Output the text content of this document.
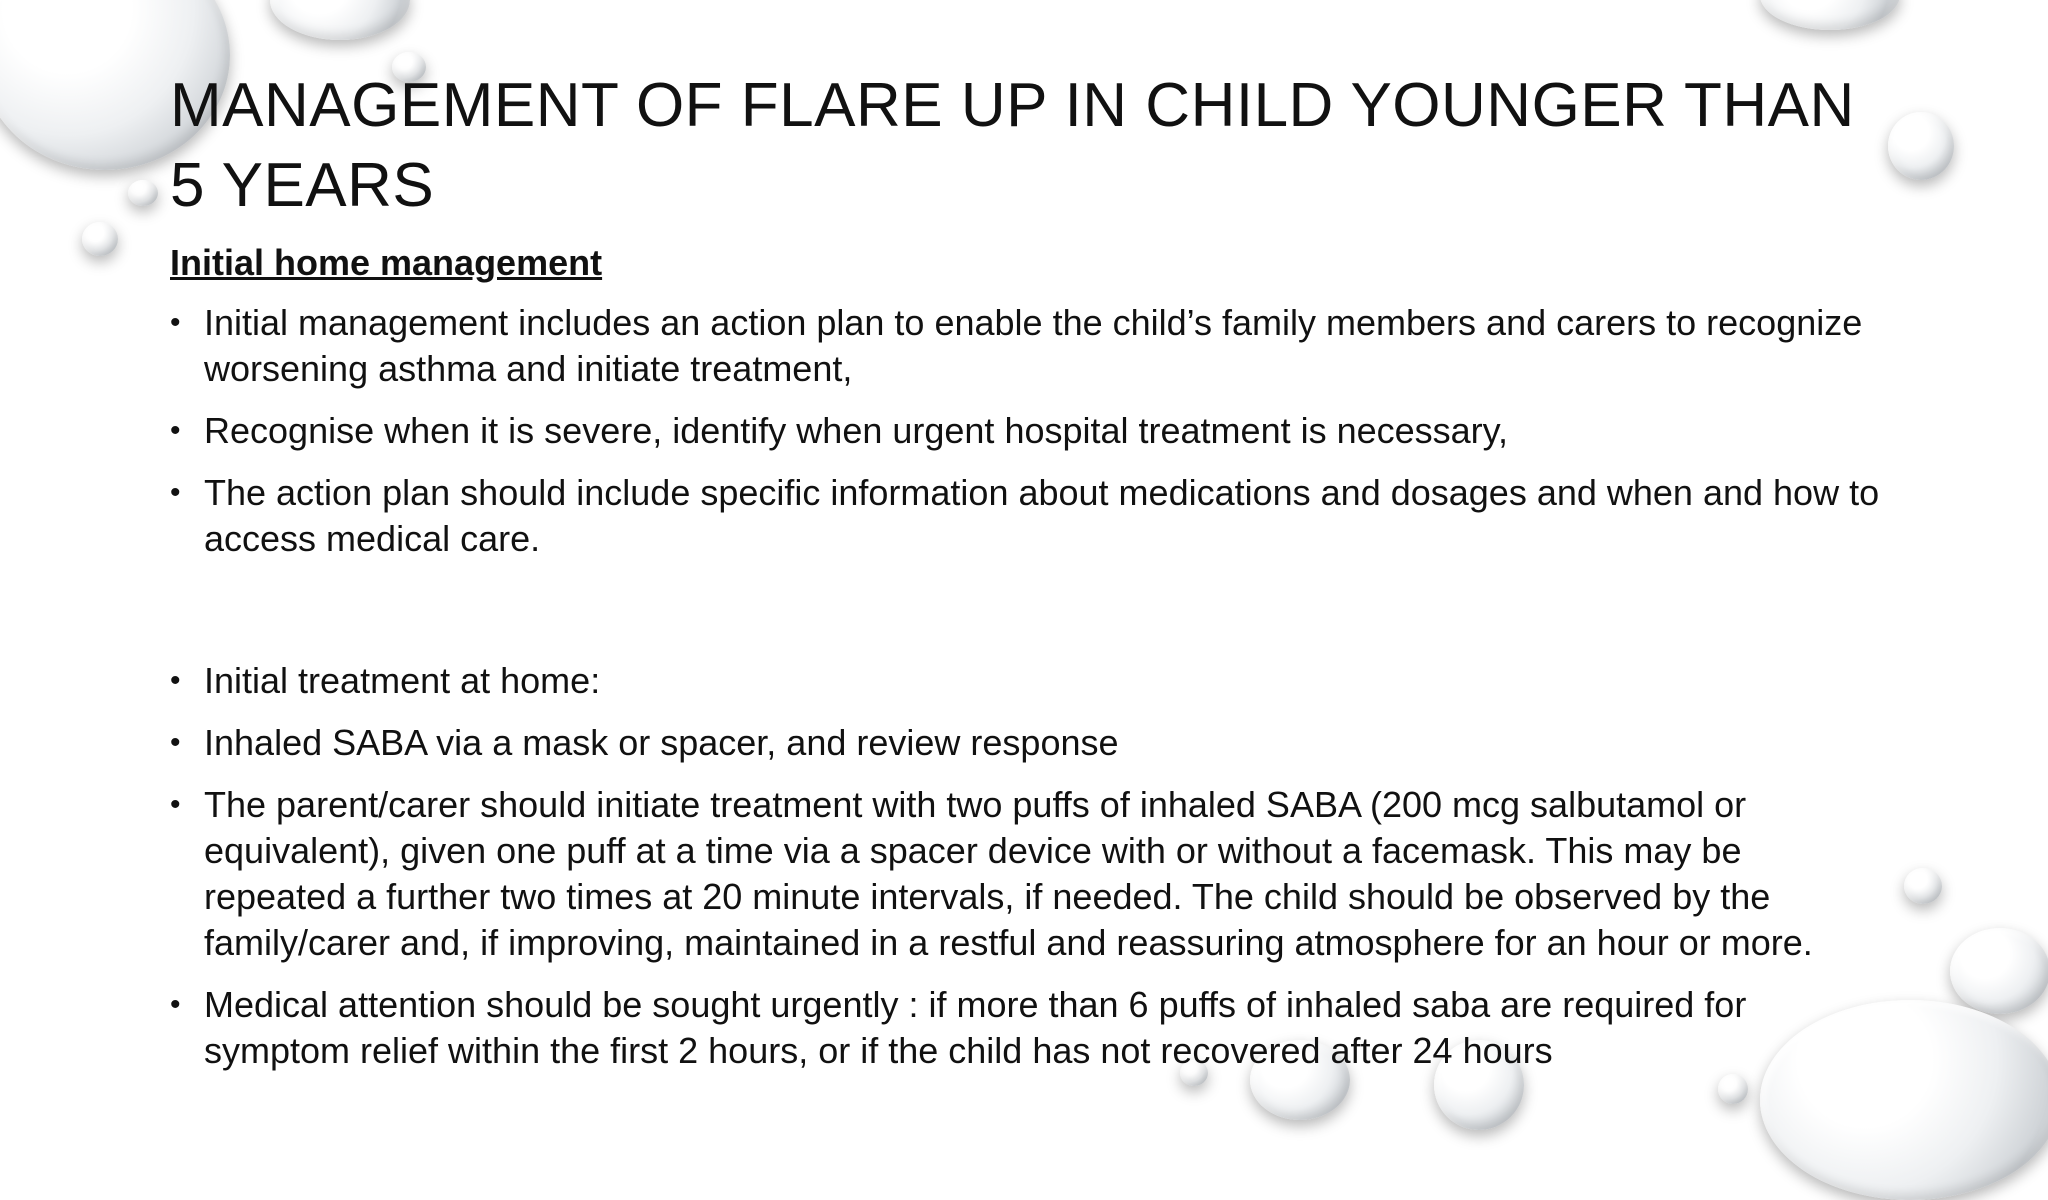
MANAGEMENT OF FLARE UP IN CHILD YOUNGER THAN 5 YEARS

Initial home management

• Initial management includes an action plan to enable the child’s family members and carers to recognize worsening asthma and initiate treatment,
• Recognise when it is severe, identify when urgent hospital treatment is necessary,
• The action plan should include specific information about medications and dosages and when and how to access medical care.
• Initial treatment at home:
• Inhaled SABA via a mask or spacer, and review response
• The parent/carer should initiate treatment with two puffs of inhaled SABA (200 mcg salbutamol or equivalent), given one puff at a time via a spacer device with or without a facemask. This may be repeated a further two times at 20 minute intervals, if needed. The child should be observed by the family/carer and, if improving, maintained in a restful and reassuring atmosphere for an hour or more.
• Medical attention should be sought urgently : if more than 6 puffs of inhaled saba are required for symptom relief within the first 2 hours, or if the child has not recovered after 24 hours
